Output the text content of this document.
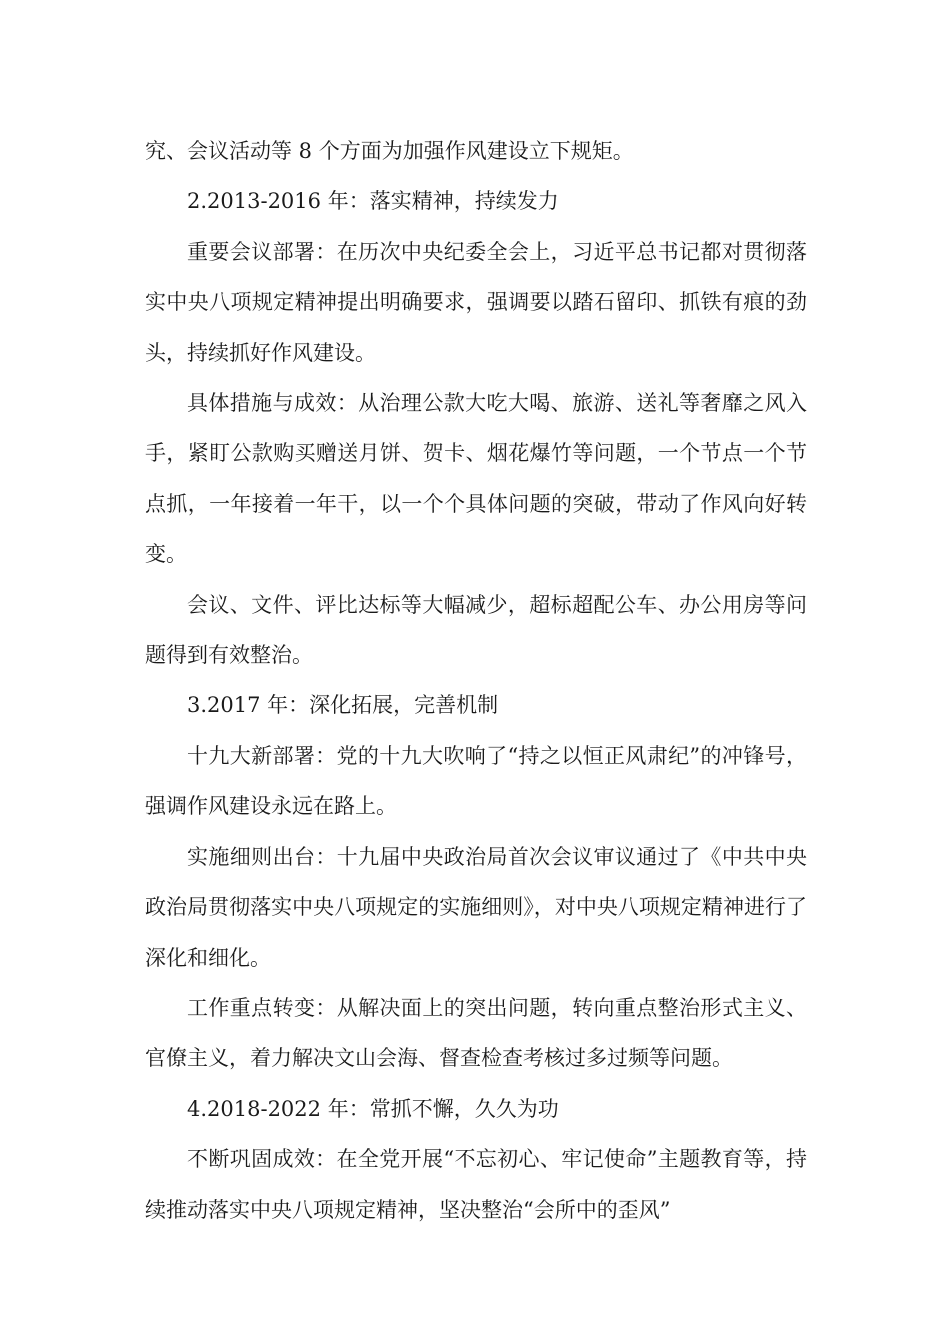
究、会议活动等 8 个方面为加强作风建设立下规矩。

2.2013-2016 年：落实精神，持续发力

重要会议部署：在历次中央纪委全会上，习近平总书记都对贯彻落实中央八项规定精神提出明确要求，强调要以踏石留印、抓铁有痕的劲头，持续抓好作风建设。

具体措施与成效：从治理公款大吃大喝、旅游、送礼等奢靡之风入手，紧盯公款购买赠送月饼、贺卡、烟花爆竹等问题，一个节点一个节点抓，一年接着一年干，以一个个具体问题的突破，带动了作风向好转变。

会议、文件、评比达标等大幅减少，超标超配公车、办公用房等问题得到有效整治。

3.2017 年：深化拓展，完善机制

十九大新部署：党的十九大吹响了“持之以恒正风肃纪”的冲锋号，强调作风建设永远在路上。

实施细则出台：十九届中央政治局首次会议审议通过了《中共中央政治局贯彻落实中央八项规定的实施细则》，对中央八项规定精神进行了深化和细化。

工作重点转变：从解决面上的突出问题，转向重点整治形式主义、官僚主义，着力解决文山会海、督查检查考核过多过频等问题。

4.2018-2022 年：常抓不懈，久久为功

不断巩固成效：在全党开展“不忘初心、牢记使命”主题教育等，持续推动落实中央八项规定精神，坚决整治“会所中的歪风”
